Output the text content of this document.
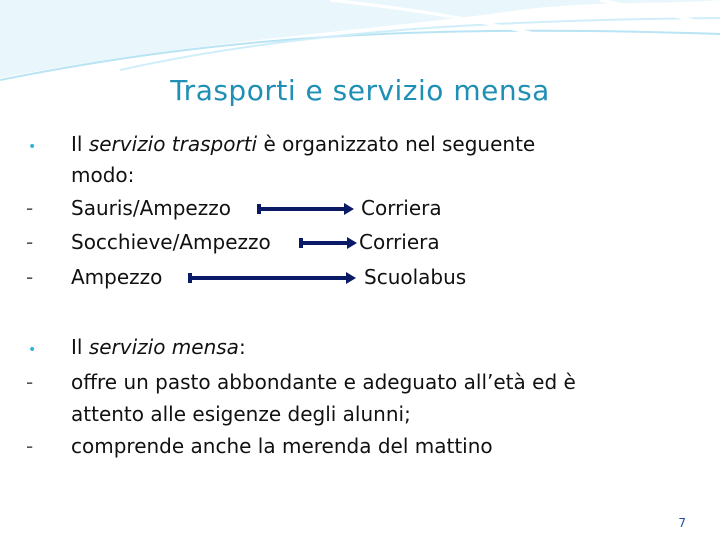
Trasporti e servizio mensa
• Il servizio trasporti è organizzato nel seguente
modo:
- Sauris/Ampezzo	Corriera
- Socchieve/Ampezzo	Corriera
- Ampezzo	Scuolabus
• Il servizio mensa:
- offre un pasto abbondante e adeguato all’età ed è
attento alle esigenze degli alunni;
- comprende anche la merenda del mattino
7
